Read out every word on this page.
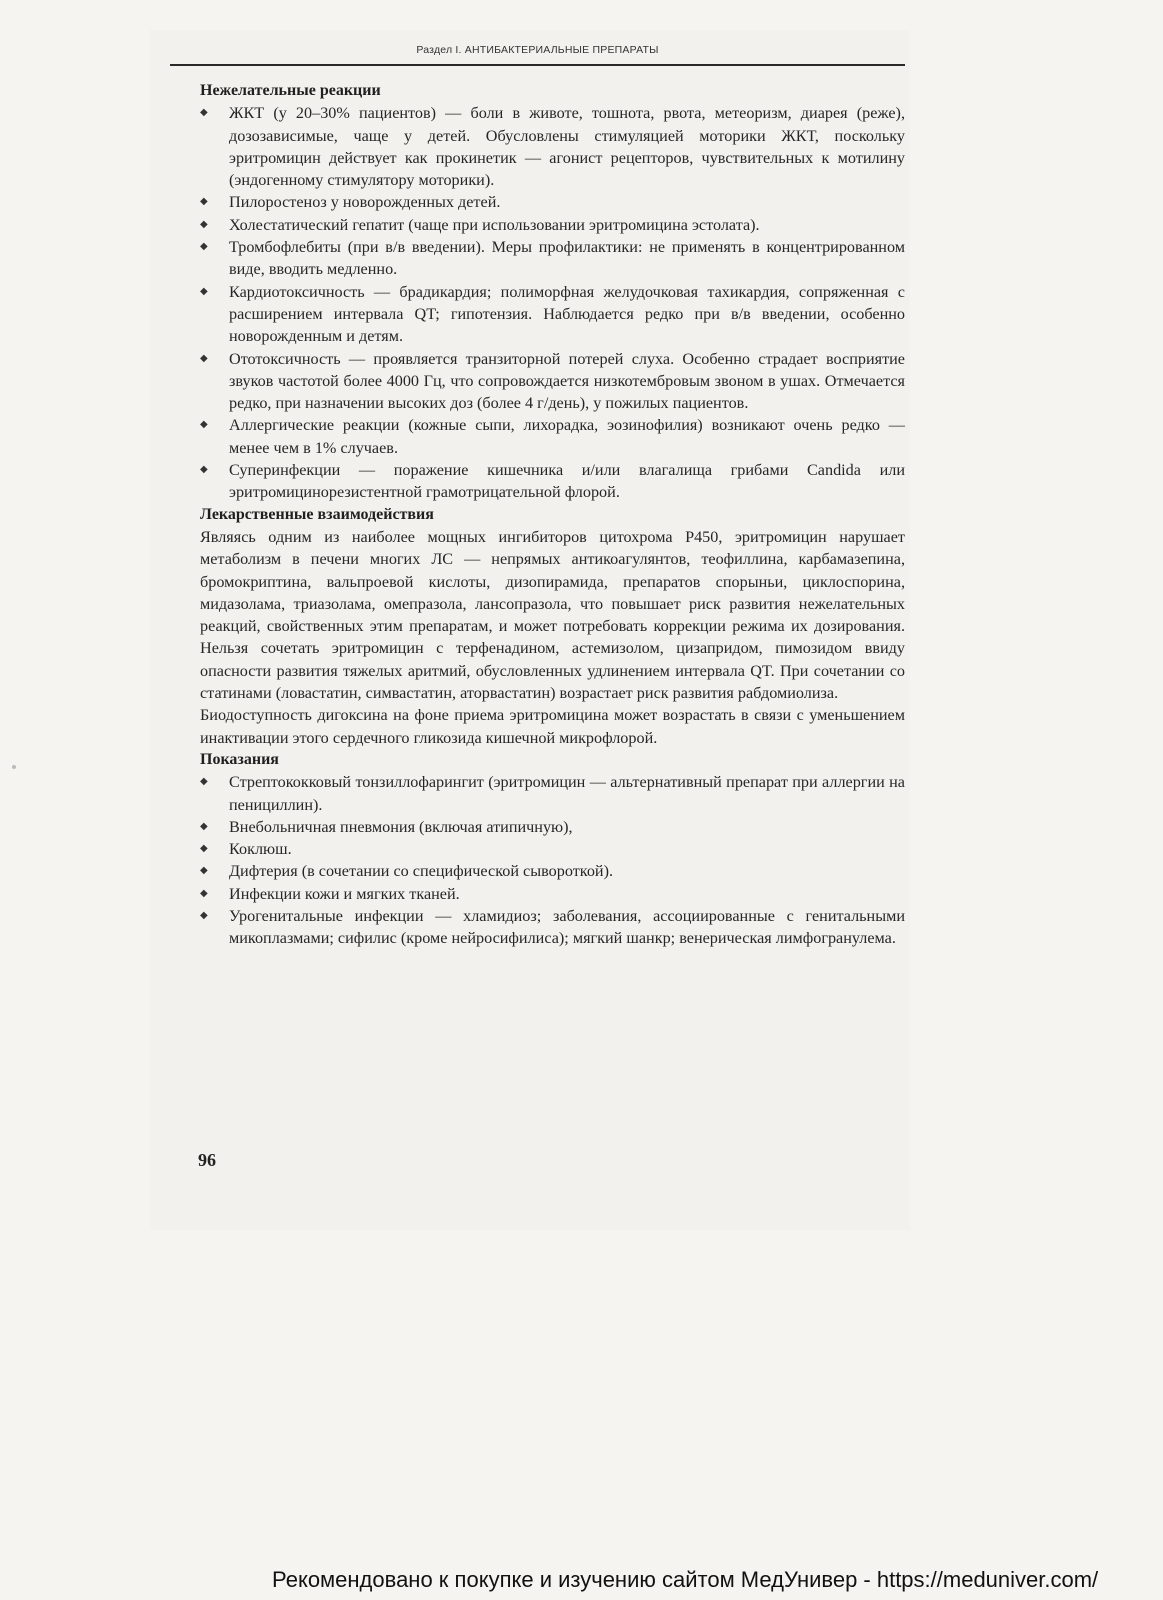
Раздел I. АНТИБАКТЕРИАЛЬНЫЕ ПРЕПАРАТЫ
Нежелательные реакции
◆ ЖКТ (у 20–30% пациентов) — боли в животе, тошнота, рвота, метеоризм, диарея (реже), дозозависимые, чаще у детей. Обусловлены стимуляцией моторики ЖКТ, поскольку эритромицин действует как прокинетик — агонист рецепторов, чувствительных к мотилину (эндогенному стимулятору моторики).
◆ Пилоростеноз у новорожденных детей.
◆ Холестатический гепатит (чаще при использовании эритромицина эстолата).
◆ Тромбофлебиты (при в/в введении). Меры профилактики: не применять в концентрированном виде, вводить медленно.
◆ Кардиотоксичность — брадикардия; полиморфная желудочковая тахикардия, сопряженная с расширением интервала QT; гипотензия. Наблюдается редко при в/в введении, особенно новорожденным и детям.
◆ Ототоксичность — проявляется транзиторной потерей слуха. Особенно страдает восприятие звуков частотой более 4000 Гц, что сопровождается низкотембровым звоном в ушах. Отмечается редко, при назначении высоких доз (более 4 г/день), у пожилых пациентов.
◆ Аллергические реакции (кожные сыпи, лихорадка, эозинофилия) возникают очень редко — менее чем в 1% случаев.
◆ Суперинфекции — поражение кишечника и/или влагалища грибами Candida или эритромицинорезистентной грамотрицательной флорой.
Лекарственные взаимодействия

Являясь одним из наиболее мощных ингибиторов цитохрома Р450, эритромицин нарушает метаболизм в печени многих ЛС — непрямых антикоагулянтов, теофиллина, карбамазепина, бромокриптина, вальпроевой кислоты, дизопирамида, препаратов спорыньи, циклоспорина, мидазолама, триазолама, омепразола, лансопразола, что повышает риск развития нежелательных реакций, свойственных этим препаратам, и может потребовать коррекции режима их дозирования. Нельзя сочетать эритромицин с терфенадином, астемизолом, цизапридом, пимозидом ввиду опасности развития тяжелых аритмий, обусловленных удлинением интервала QT. При сочетании со статинами (ловастатин, симвастатин, аторвастатин) возрастает риск развития рабдомиолиза.

Биодоступность дигоксина на фоне приема эритромицина может возрастать в связи с уменьшением инактивации этого сердечного гликозида кишечной микрофлорой.

Показания
◆ Стрептококковый тонзиллофарингит (эритромицин — альтернативный препарат при аллергии на пенициллин).
◆ Внебольничная пневмония (включая атипичную),
◆ Коклюш.
◆ Дифтерия (в сочетании со специфической сывороткой).
◆ Инфекции кожи и мягких тканей.
◆ Урогенитальные инфекции — хламидиоз; заболевания, ассоциированные с генитальными микоплазмами; сифилис (кроме нейросифилиса); мягкий шанкр; венерическая лимфогранулема.
96
Рекомендовано к покупке и изучению сайтом МедУнивер - https://meduniver.com/
